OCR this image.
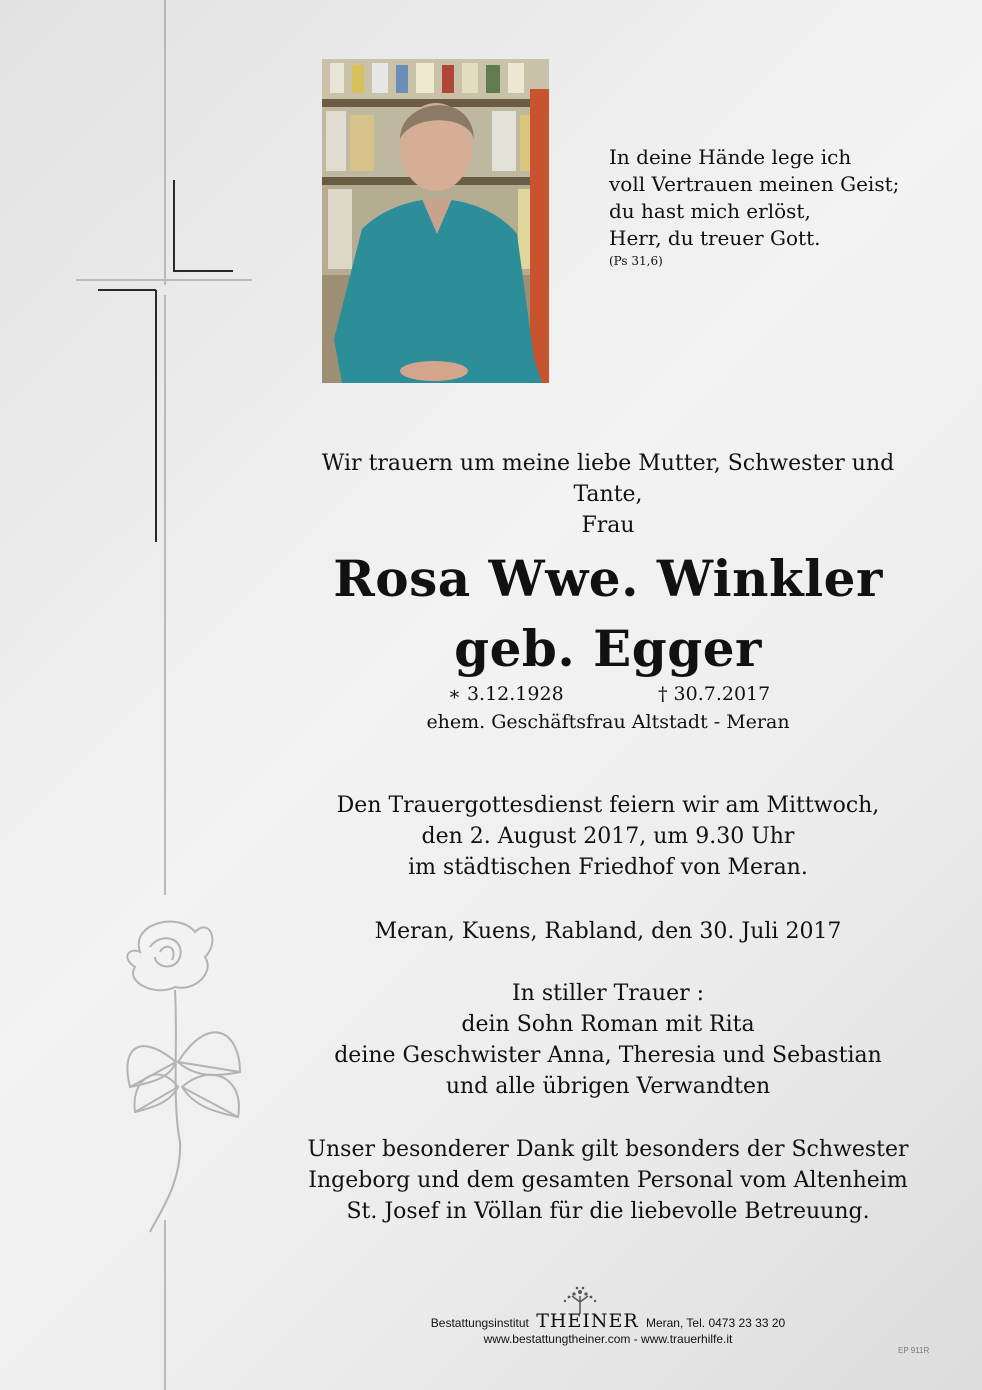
In deine Hände lege ich
voll Vertrauen meinen Geist;
du hast mich erlöst,
Herr, du treuer Gott.
(Ps 31,6)
Wir trauern um meine liebe Mutter, Schwester und Tante,
Frau
Rosa Wwe. Winkler
geb. Egger
∗ 3.12.1928	† 30.7.2017
ehem. Geschäftsfrau Altstadt - Meran
Den Trauergottesdienst feiern wir am Mittwoch,
den 2. August 2017, um 9.30 Uhr
im städtischen Friedhof von Meran.
Meran, Kuens, Rabland, den 30. Juli 2017
In stiller Trauer :
dein Sohn Roman mit Rita
deine Geschwister Anna, Theresia und Sebastian
und alle übrigen Verwandten
Unser besonderer Dank gilt besonders der Schwester
Ingeborg und dem gesamten Personal vom Altenheim
St. Josef in Völlan für die liebevolle Betreuung.
Bestattungsinstitut THEINER Meran, Tel. 0473 23 33 20
www.bestattungtheiner.com - www.trauerhilfe.it
EP 911R
